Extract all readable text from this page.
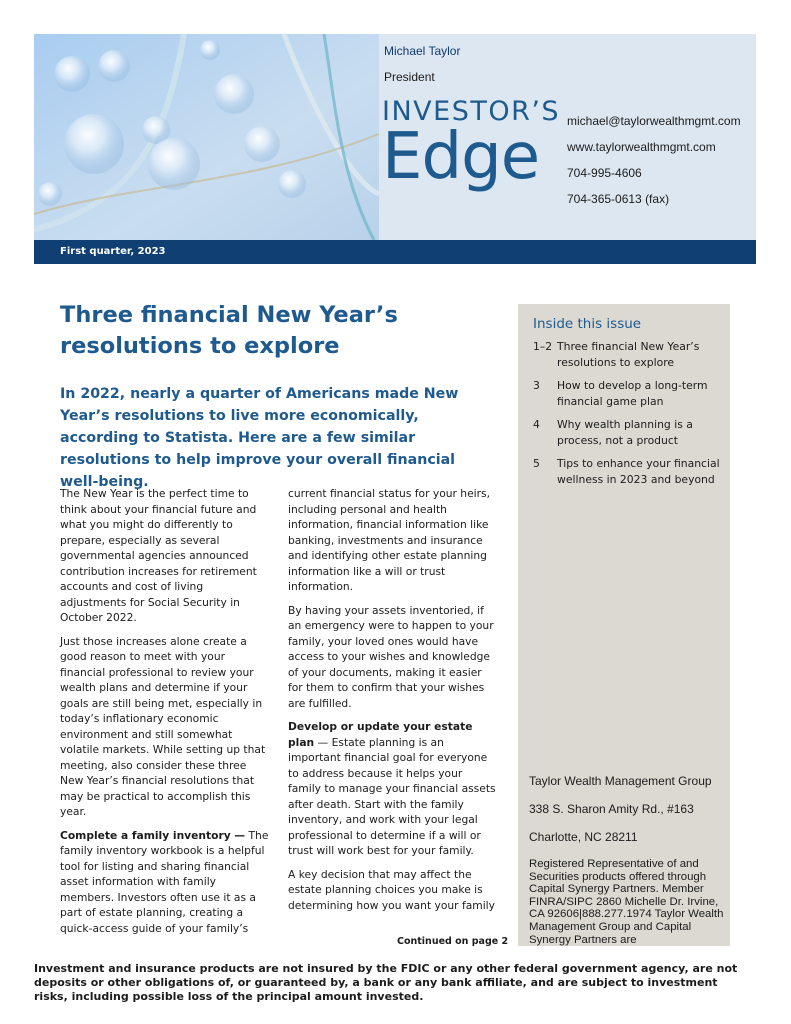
Michael Taylor
President
INVESTOR’S
Edge michael@taylorwealthmgmt.com
www.taylorwealthmgmt.com
704-995-4606
704-365-0613 (fax)
First quarter, 2023
Three financial New Year’s resolutions to explore

In 2022, nearly a quarter of Americans made New Year’s resolutions to live more economically, according to Statista. Here are a few similar resolutions to help improve your overall financial well-being.

The New Year is the perfect time to think about your financial future and what you might do differently to prepare, especially as several governmental agencies announced contribution increases for retirement accounts and cost of living adjustments for Social Security in October 2022.

Just those increases alone create a good reason to meet with your financial professional to review your wealth plans and determine if your goals are still being met, especially in today’s inflationary economic environment and still somewhat volatile markets. While setting up that meeting, also consider these three New Year’s financial resolutions that may be practical to accomplish this year.

Complete a family inventory — The family inventory workbook is a helpful tool for listing and sharing financial asset information with family members. Investors often use it as a part of estate planning, creating a quick-access guide of your family’s

current financial status for your heirs, including personal and health information, financial information like banking, investments and insurance and identifying other estate planning information like a will or trust information.

By having your assets inventoried, if an emergency were to happen to your family, your loved ones would have access to your wishes and knowledge of your documents, making it easier for them to confirm that your wishes are fulfilled.

Develop or update your estate plan — Estate planning is an important financial goal for everyone to address because it helps your family to manage your financial assets after death. Start with the family inventory, and work with your legal professional to determine if a will or trust will work best for your family.

A key decision that may affect the estate planning choices you make is determining how you want your family

Continued on page 2
Inside this issue
1–2 Three financial New Year’s resolutions to explore
3	How to develop a long-term financial game plan
4	Why wealth planning is a process, not a product
5	Tips to enhance your financial wellness in 2023 and beyond
Taylor Wealth Management Group
338 S. Sharon Amity Rd., #163
Charlotte, NC 28211
Registered Representative of and Securities products offered through Capital Synergy Partners. Member FINRA/SIPC 2860 Michelle Dr. Irvine, CA 92606|888.277.1974 Taylor Wealth Management Group and Capital Synergy Partners are
Investment and insurance products are not insured by the FDIC or any other federal government agency, are not deposits or other obligations of, or guaranteed by, a bank or any bank affiliate, and are subject to investment risks, including possible loss of the principal amount invested.
